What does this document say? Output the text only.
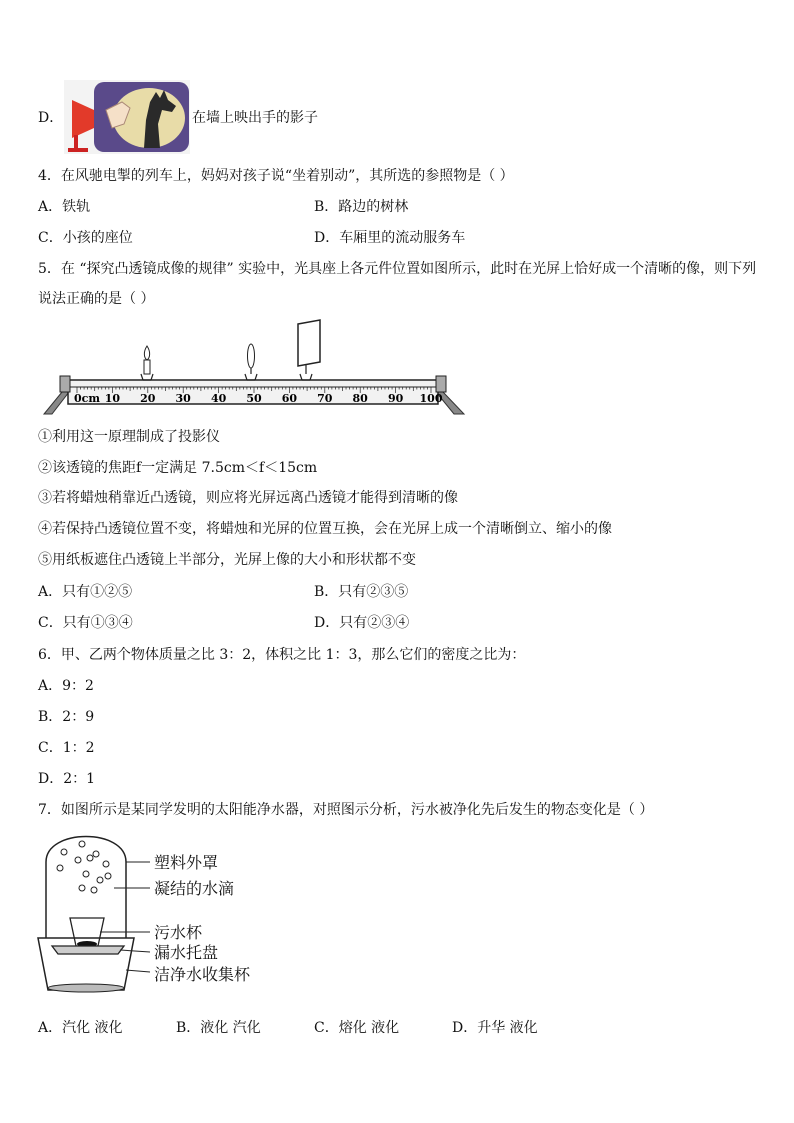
D．	在墙上映出手的影子
4．在风驰电掣的列车上，妈妈对孩子说“坐着别动”，其所选的参照物是（ ）
A．铁轨	B．路边的树林
C．小孩的座位	D．车厢里的流动服务车
5．在 “探究凸透镜成像的规律” 实验中，光具座上各元件位置如图所示，此时在光屏上恰好成一个清晰的像，则下列
说法正确的是（ ）
0cm 10 20 30 40 50 60 70 80 90 100
①利用这一原理制成了投影仪
②该透镜的焦距f一定满足 7.5cm＜f＜15cm
③若将蜡烛稍靠近凸透镜，则应将光屏远离凸透镜才能得到清晰的像
④若保持凸透镜位置不变，将蜡烛和光屏的位置互换，会在光屏上成一个清晰倒立、缩小的像
⑤用纸板遮住凸透镜上半部分，光屏上像的大小和形状都不变
A．只有①②⑤	B．只有②③⑤
C．只有①③④	D．只有②③④
6．甲、乙两个物体质量之比 3：2，体积之比 1：3，那么它们的密度之比为：
A．9：2
B．2：9
C．1：2
D．2：1
7．如图所示是某同学发明的太阳能净水器，对照图示分析，污水被净化先后发生的物态变化是（ ）
塑料外罩
凝结的水滴
污水杯
漏水托盘
洁净水收集杯
A．汽化 液化	B．液化 汽化	C．熔化 液化	D．升华 液化
